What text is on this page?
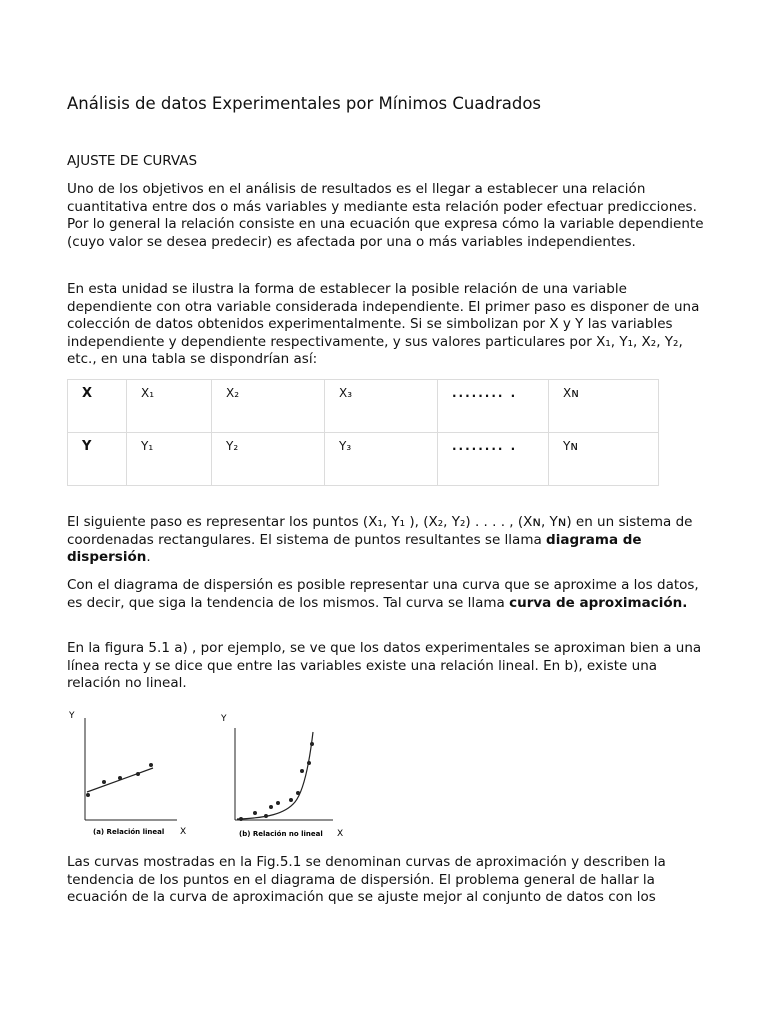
Análisis de datos Experimentales por Mínimos Cuadrados
AJUSTE DE CURVAS

Uno de los objetivos en el análisis de resultados es el llegar a establecer una relación cuantitativa entre dos o más variables y mediante esta relación poder efectuar predicciones. Por lo general la relación consiste en una ecuación que expresa cómo la variable dependiente (cuyo valor se desea predecir) es afectada por una o más variables independientes.

En esta unidad se ilustra la forma de establecer la posible relación de una variable dependiente con otra variable considerada independiente. El primer paso es disponer de una colección de datos obtenidos experimentalmente. Si se simbolizan por X y Y las variables independiente y dependiente respectivamente, y sus valores particulares por X₁, Y₁, X₂, Y₂, etc., en una tabla se dispondrían así:

X	X₁	X₂	X₃	........ .	Xɴ
Y	Y₁	Y₂	Y₃	........ .	Yɴ

El siguiente paso es representar los puntos (X₁, Y₁ ), (X₂, Y₂) . . . . , (Xɴ, Yɴ) en un sistema de coordenadas rectangulares. El sistema de puntos resultantes se llama diagrama de dispersión.

Con el diagrama de dispersión es posible representar una curva que se aproxime a los datos, es decir, que siga la tendencia de los mismos. Tal curva se llama curva de aproximación.

En la figura 5.1 a) , por ejemplo, se ve que los datos experimentales se aproximan bien a una línea recta y se dice que entre las variables existe una relación lineal. En b), existe una relación no lineal.

Y
X
(a) Relación lineal
Y
X
(b) Relación no lineal

Las curvas mostradas en la Fig.5.1 se denominan curvas de aproximación y describen la tendencia de los puntos en el diagrama de dispersión. El problema general de hallar la ecuación de la curva de aproximación que se ajuste mejor al conjunto de datos con los
